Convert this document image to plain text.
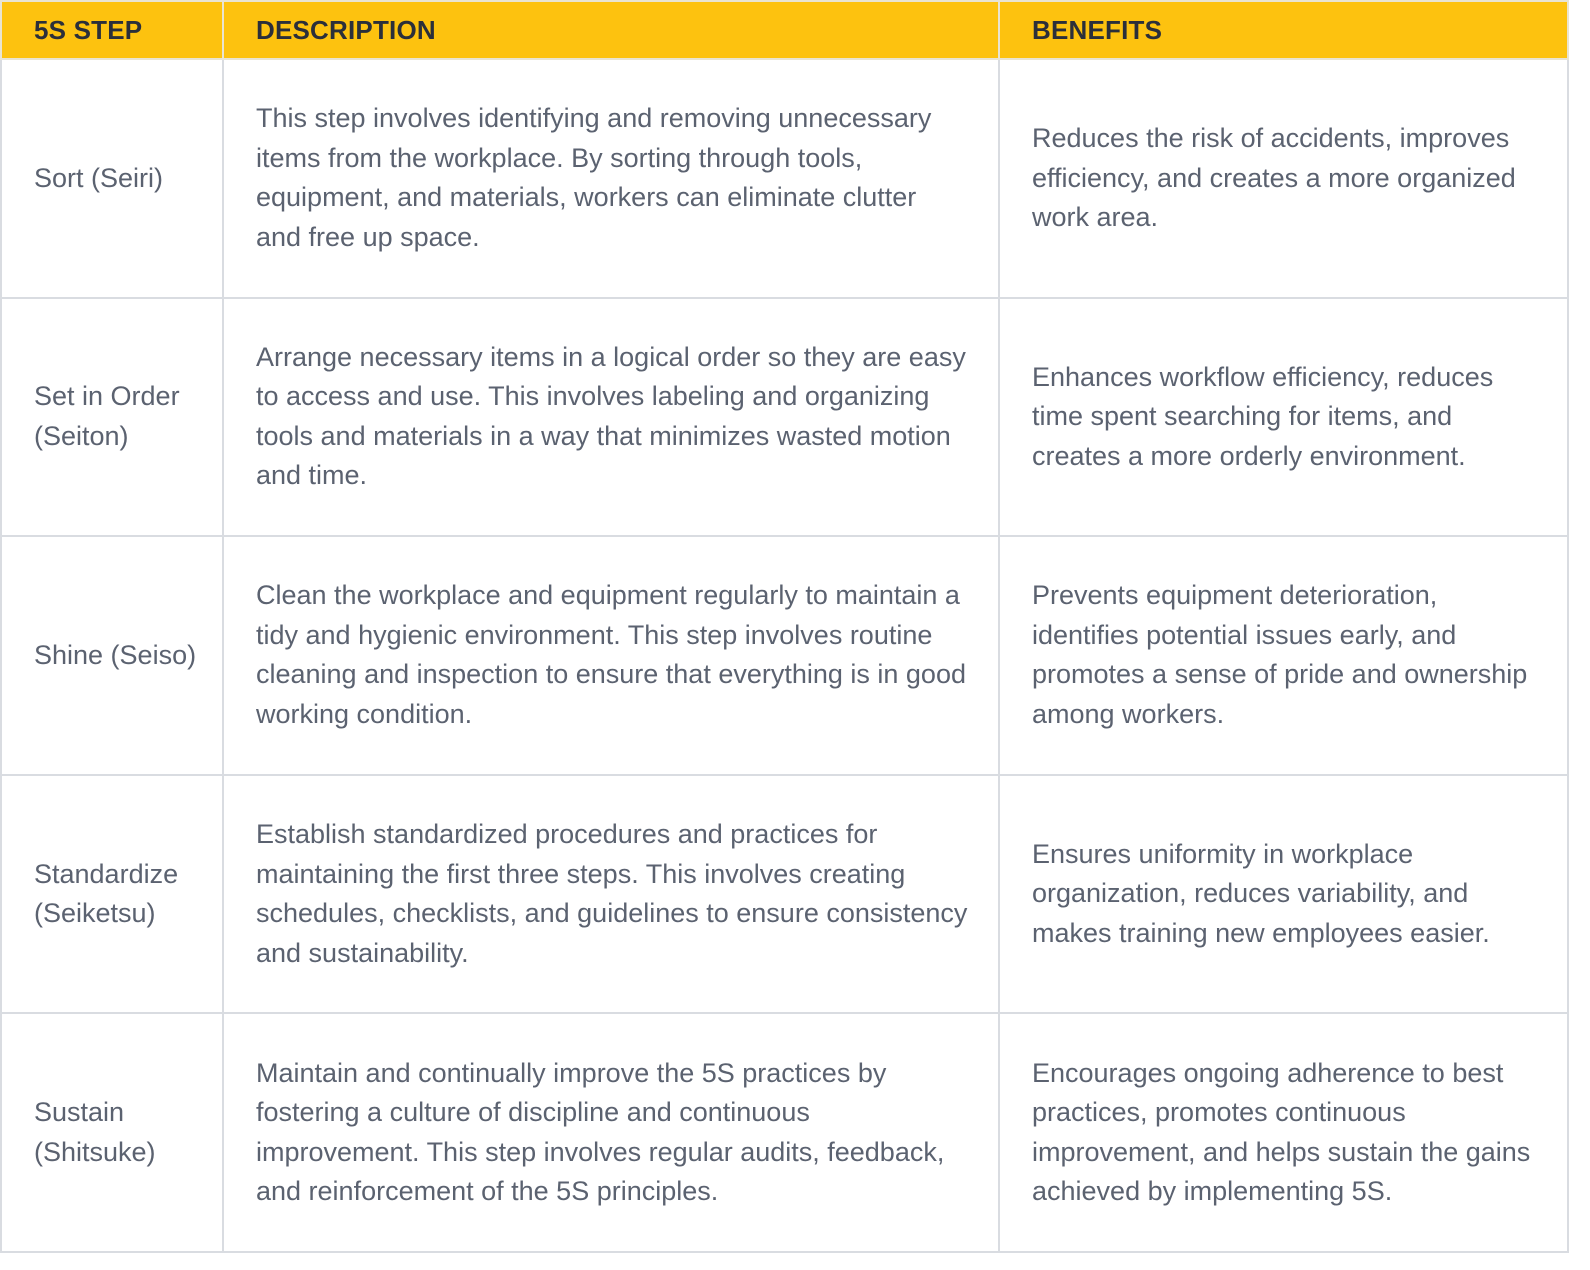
5S STEP	DESCRIPTION	BENEFITS
Sort (Seiri)	This step involves identifying and removing unnecessary items from the workplace. By sorting through tools, equipment, and materials, workers can eliminate clutter and free up space.	Reduces the risk of accidents, improves efficiency, and creates a more organized work area.
Set in Order (Seiton)	Arrange necessary items in a logical order so they are easy to access and use. This involves labeling and organizing tools and materials in a way that minimizes wasted motion and time.	Enhances workflow efficiency, reduces time spent searching for items, and creates a more orderly environment.
Shine (Seiso)	Clean the workplace and equipment regularly to maintain a tidy and hygienic environment. This step involves routine cleaning and inspection to ensure that everything is in good working condition.	Prevents equipment deterioration, identifies potential issues early, and promotes a sense of pride and ownership among workers.
Standardize (Seiketsu)	Establish standardized procedures and practices for maintaining the first three steps. This involves creating schedules, checklists, and guidelines to ensure consistency and sustainability.	Ensures uniformity in workplace organization, reduces variability, and makes training new employees easier.
Sustain (Shitsuke)	Maintain and continually improve the 5S practices by fostering a culture of discipline and continuous improvement. This step involves regular audits, feedback, and reinforcement of the 5S principles.	Encourages ongoing adherence to best practices, promotes continuous improvement, and helps sustain the gains achieved by implementing 5S.
